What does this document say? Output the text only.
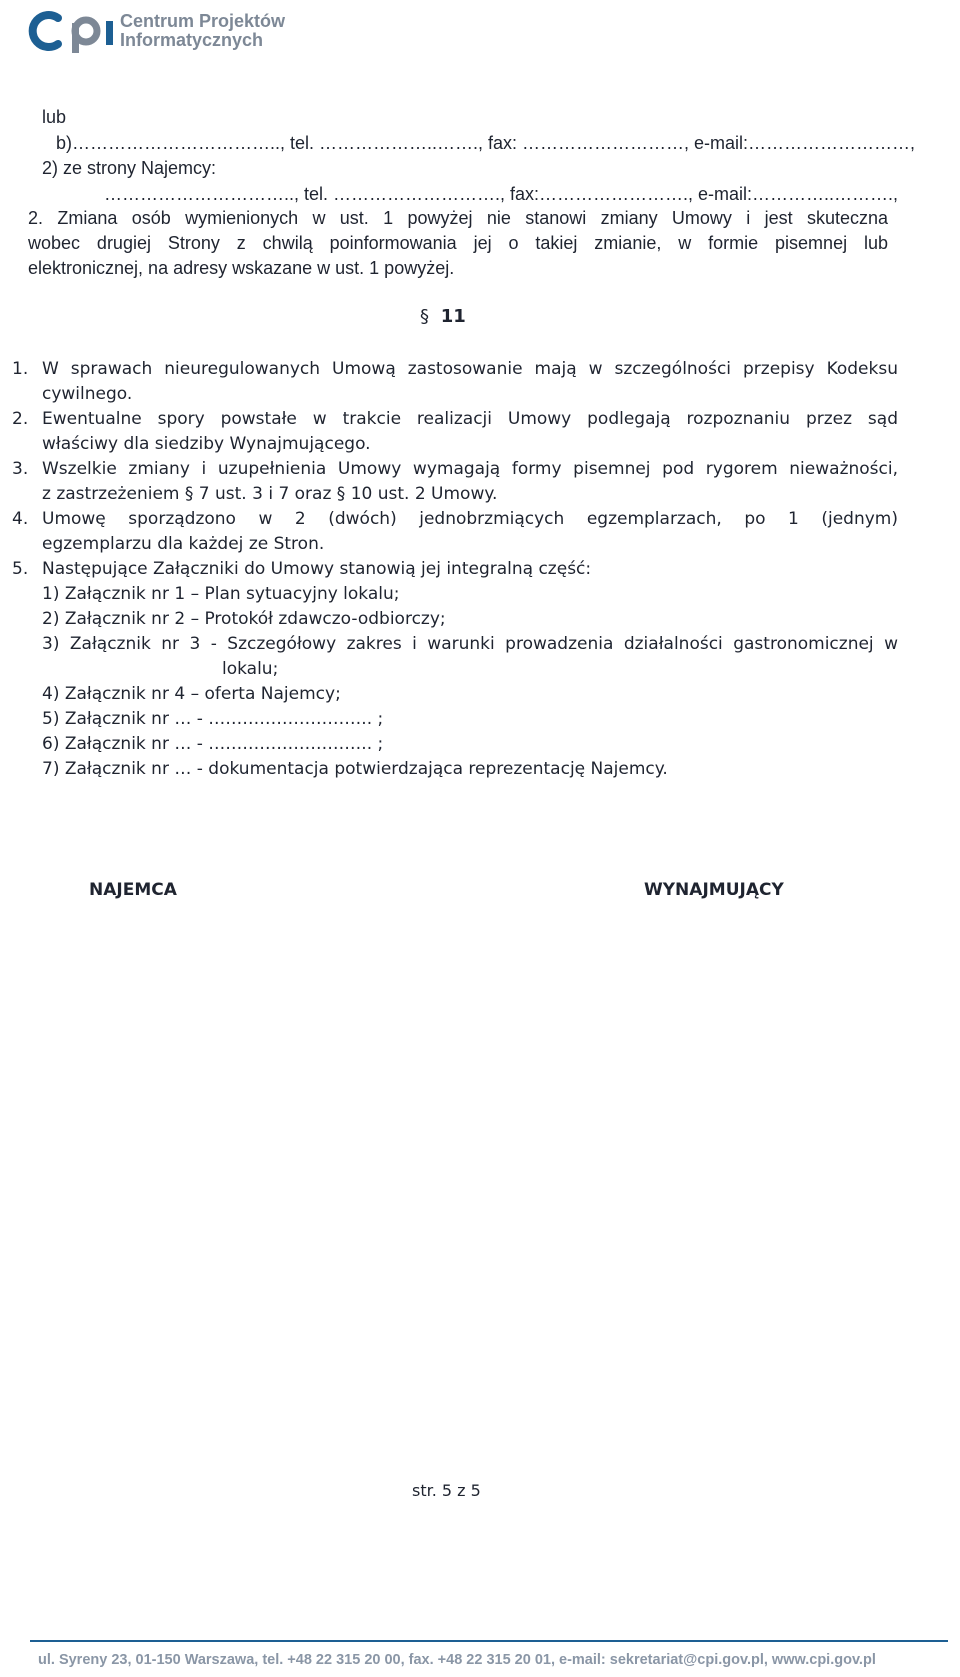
Centrum Projektów
Informatycznych
lub
b)…………………………….., tel. ………………..……., fax: ………………………, e-mail:………………………,
2) ze strony Najemcy:
………………………….., tel. ………………………., fax:……………………., e-mail:…………..……….,
2. Zmiana osób wymienionych w ust. 1 powyżej nie stanowi zmiany Umowy i jest skuteczna
wobec drugiej Strony z chwilą poinformowania jej o takiej zmianie, w formie pisemnej lub
elektronicznej, na adresy wskazane w ust. 1 powyżej.
§ 11
1. W sprawach nieuregulowanych Umową zastosowanie mają w szczególności przepisy Kodeksu
cywilnego.
2. Ewentualne spory powstałe w trakcie realizacji Umowy podlegają rozpoznaniu przez sąd
właściwy dla siedziby Wynajmującego.
3. Wszelkie zmiany i uzupełnienia Umowy wymagają formy pisemnej pod rygorem nieważności,
z zastrzeżeniem § 7 ust. 3 i 7 oraz § 10 ust. 2 Umowy.
4. Umowę sporządzono w 2 (dwóch) jednobrzmiących egzemplarzach, po 1 (jednym)
egzemplarzu dla każdej ze Stron.
5. Następujące Załączniki do Umowy stanowią jej integralną część:
1) Załącznik nr 1 – Plan sytuacyjny lokalu;
2) Załącznik nr 2 – Protokół zdawczo-odbiorczy;
3) Załącznik nr 3 - Szczegółowy zakres i warunki prowadzenia działalności gastronomicznej w
lokalu;
4) Załącznik nr 4 – oferta Najemcy;
5) Załącznik nr … - ……………………….. ;
6) Załącznik nr … - ……………………….. ;
7) Załącznik nr … - dokumentacja potwierdzająca reprezentację Najemcy.
NAJEMCA	WYNAJMUJĄCY
str. 5 z 5
ul. Syreny 23, 01-150 Warszawa, tel. +48 22 315 20 00, fax. +48 22 315 20 01, e-mail: sekretariat@cpi.gov.pl, www.cpi.gov.pl
